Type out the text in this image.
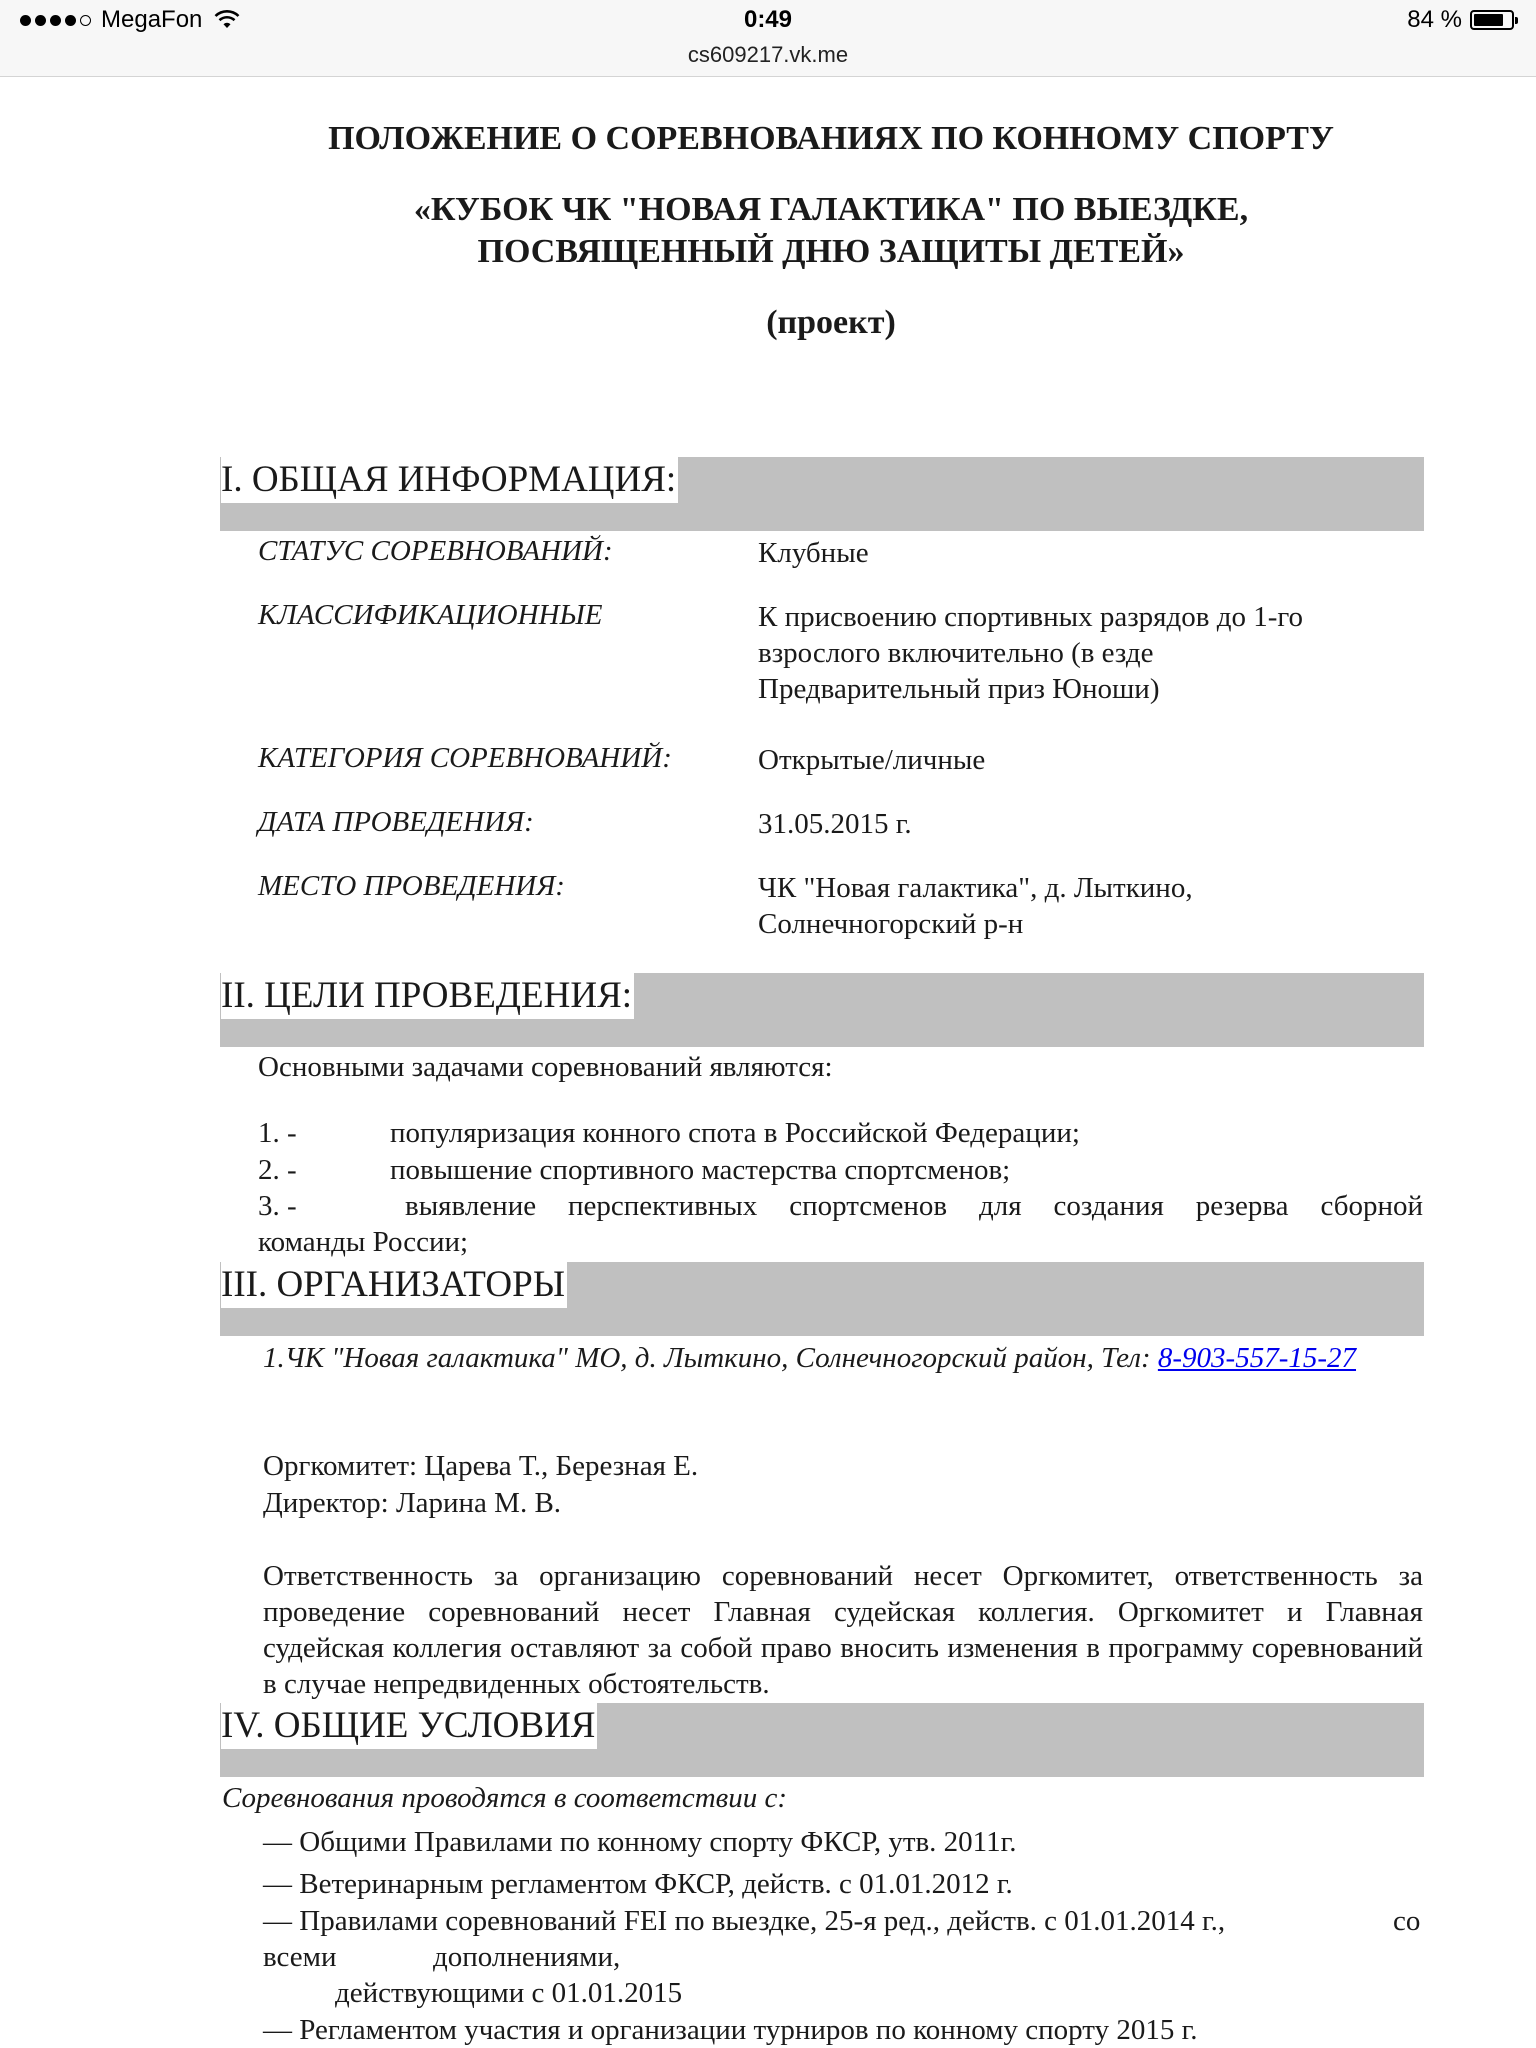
MegaFon	0:49	84 %
cs609217.vk.me
ПОЛОЖЕНИЕ О СОРЕВНОВАНИЯХ ПО КОННОМУ СПОРТУ
«КУБОК ЧК "НОВАЯ ГАЛАКТИКА" ПО ВЫЕЗДКЕ,
ПОСВЯЩЕННЫЙ ДНЮ ЗАЩИТЫ ДЕТЕЙ»
(проект)
I. ОБЩАЯ ИНФОРМАЦИЯ:
СТАТУС СОРЕВНОВАНИЙ:	Клубные
КЛАССИФИКАЦИОННЫЕ	К присвоению спортивных разрядов до 1-го взрослого включительно (в езде Предварительный приз Юноши)
КАТЕГОРИЯ СОРЕВНОВАНИЙ:	Открытые/личные
ДАТА ПРОВЕДЕНИЯ:	31.05.2015 г.
МЕСТО ПРОВЕДЕНИЯ:	ЧК "Новая галактика", д. Лыткино, Солнечногорский р-н
II. ЦЕЛИ ПРОВЕДЕНИЯ:
Основными задачами соревнований являются:
1. -	популяризация конного спота в Российской Федерации;
2. -	повышение спортивного мастерства спортсменов;
3. -	выявление перспективных спортсменов для создания резерва сборной
команды России;
III. ОРГАНИЗАТОРЫ
1.ЧК "Новая галактика" МО, д. Лыткино, Солнечногорский район, Тел: 8-903-557-15-27
Оргкомитет: Царева Т., Березная Е.
Директор: Ларина М. В.
Ответственность за организацию соревнований несет Оргкомитет, ответственность за проведение соревнований несет Главная судейская коллегия. Оргкомитет и Главная судейская коллегия оставляют за собой право вносить изменения в программу соревнований в случае непредвиденных обстоятельств.
IV. ОБЩИЕ УСЛОВИЯ
Соревнования проводятся в соответствии с:
— Общими Правилами по конному спорту ФКСР, утв. 2011г.
— Ветеринарным регламентом ФКСР, действ. с 01.01.2012 г.
— Правилами соревнований FEI по выездке, 25-я ред., действ. с 01.01.2014 г.,	со
всеми	дополнениями,
действующими с 01.01.2015
— Регламентом участия и организации турниров по конному спорту 2015 г.
